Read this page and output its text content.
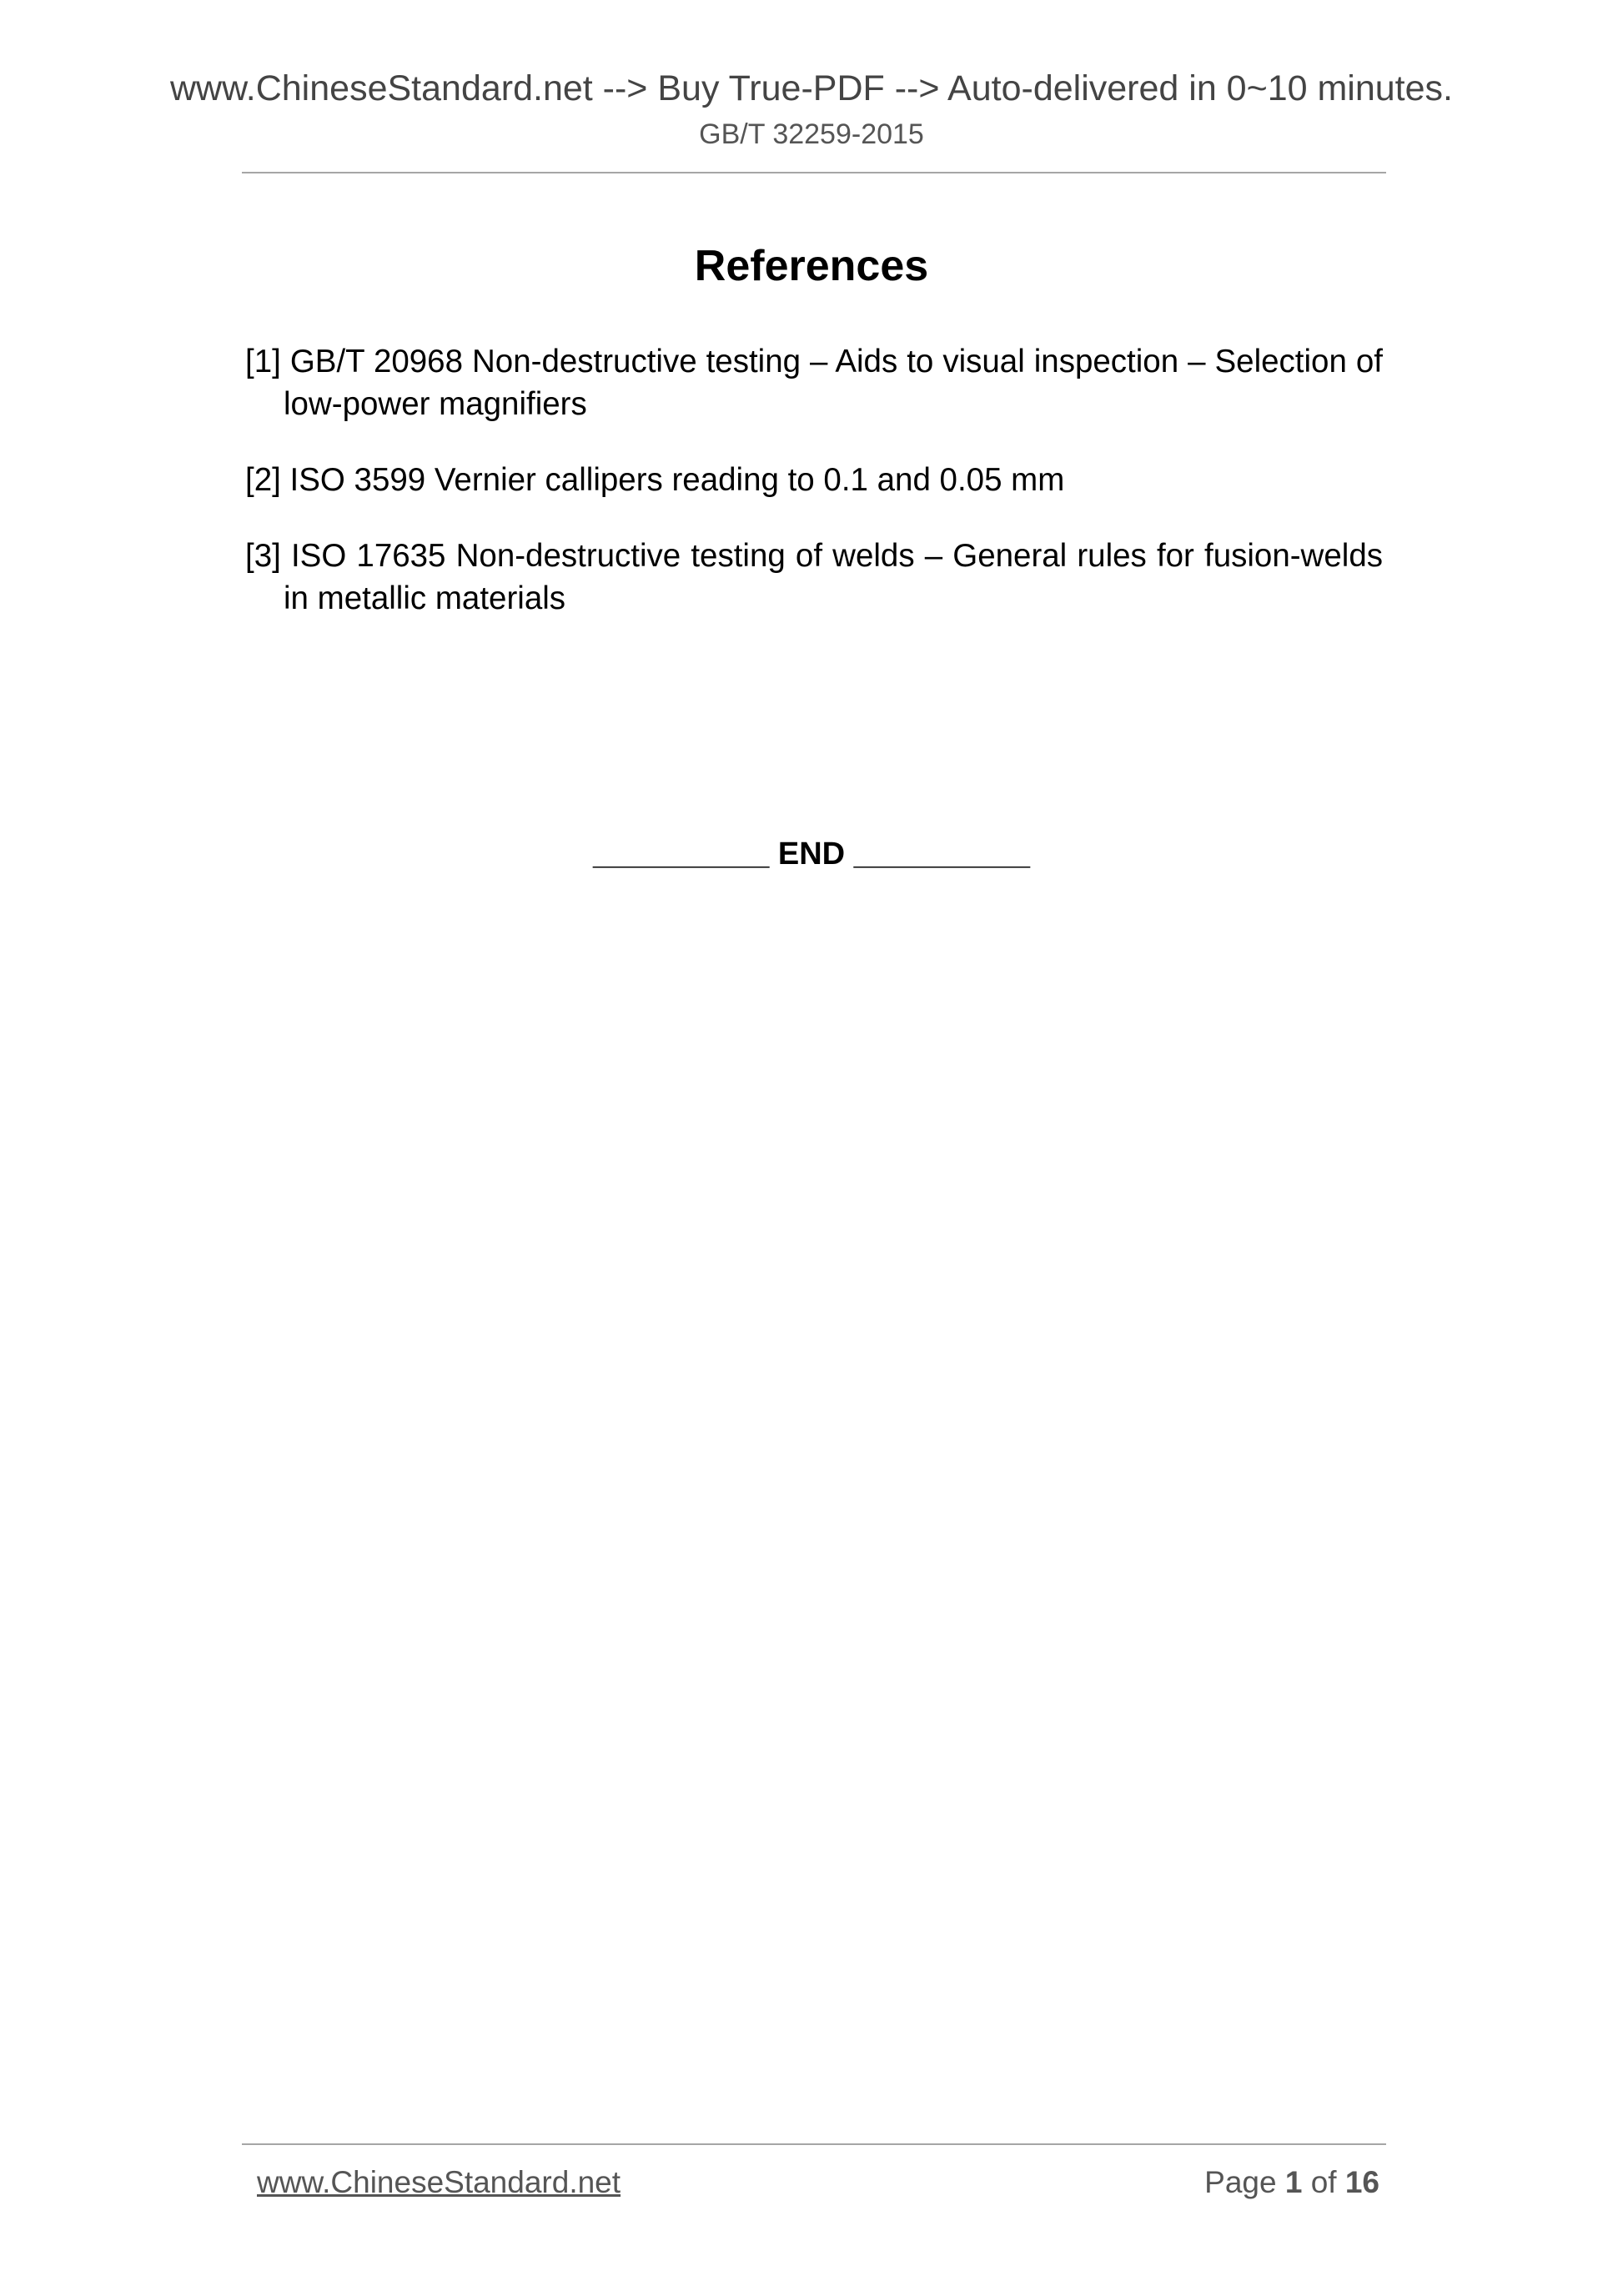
www.ChineseStandard.net --> Buy True-PDF --> Auto-delivered in 0~10 minutes.
GB/T 32259-2015
References

[1] GB/T 20968 Non-destructive testing – Aids to visual inspection – Selection of low-power magnifiers

[2] ISO 3599 Vernier callipers reading to 0.1 and 0.05 mm

[3] ISO 17635 Non-destructive testing of welds – General rules for fusion-welds in metallic materials

__________ END __________
www.ChineseStandard.net	Page 1 of 16
